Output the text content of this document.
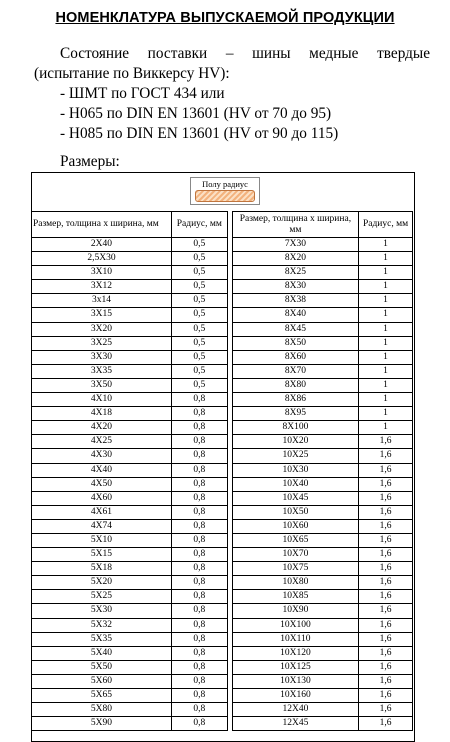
НОМЕНКЛАТУРА ВЫПУСКАЕМОЙ ПРОДУКЦИИ
Состояние поставки – шины медные твердые
(испытание по Виккерсу HV):
- ШМТ по ГОСТ 434 или
- H065 по DIN EN 13601 (HV от 70 до 95)
- H085 по DIN EN 13601 (HV от 90 до 115)
Размеры:
Полу радиус
Размер, толщина х ширина, мм	Радиус, мм		Размер, толщина х ширина, мм	Радиус, мм
2X40	0,5		7X30	1
2,5X30	0,5		8X20	1
3X10	0,5		8X25	1
3X12	0,5		8X30	1
3x14	0,5		8X38	1
3X15	0,5		8X40	1
3X20	0,5		8X45	1
3X25	0,5		8X50	1
3X30	0,5		8X60	1
3X35	0,5		8X70	1
3X50	0,5		8X80	1
4X10	0,8		8X86	1
4X18	0,8		8X95	1
4X20	0,8		8X100	1
4X25	0,8		10X20	1,6
4X30	0,8		10X25	1,6
4X40	0,8		10X30	1,6
4X50	0,8		10X40	1,6
4X60	0,8		10X45	1,6
4X61	0,8		10X50	1,6
4X74	0,8		10X60	1,6
5X10	0,8		10X65	1,6
5X15	0,8		10X70	1,6
5X18	0,8		10X75	1,6
5X20	0,8		10X80	1,6
5X25	0,8		10X85	1,6
5X30	0,8		10X90	1,6
5X32	0,8		10X100	1,6
5X35	0,8		10X110	1,6
5X40	0,8		10X120	1,6
5X50	0,8		10X125	1,6
5X60	0,8		10X130	1,6
5X65	0,8		10X160	1,6
5X80	0,8		12X40	1,6
5X90	0,8		12X45	1,6
